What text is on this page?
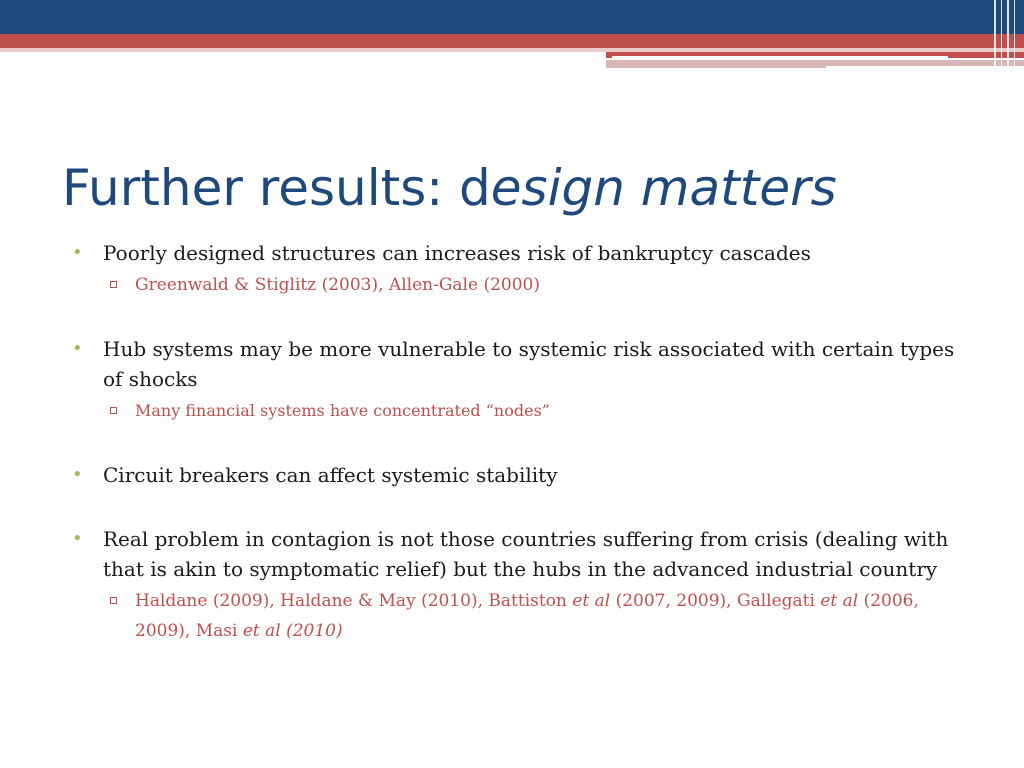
Further results: design matters
• Poorly designed structures can increases risk of bankruptcy cascades
Greenwald & Stiglitz (2003), Allen-Gale (2000)
• Hub systems may be more vulnerable to systemic risk associated with certain types of shocks
Many financial systems have concentrated “nodes”
• Circuit breakers can affect systemic stability
• Real problem in contagion is not those countries suffering from crisis (dealing with that is akin to symptomatic relief) but the hubs in the advanced industrial country
Haldane (2009), Haldane & May (2010), Battiston et al (2007, 2009), Gallegati et al (2006, 2009), Masi et al (2010)
